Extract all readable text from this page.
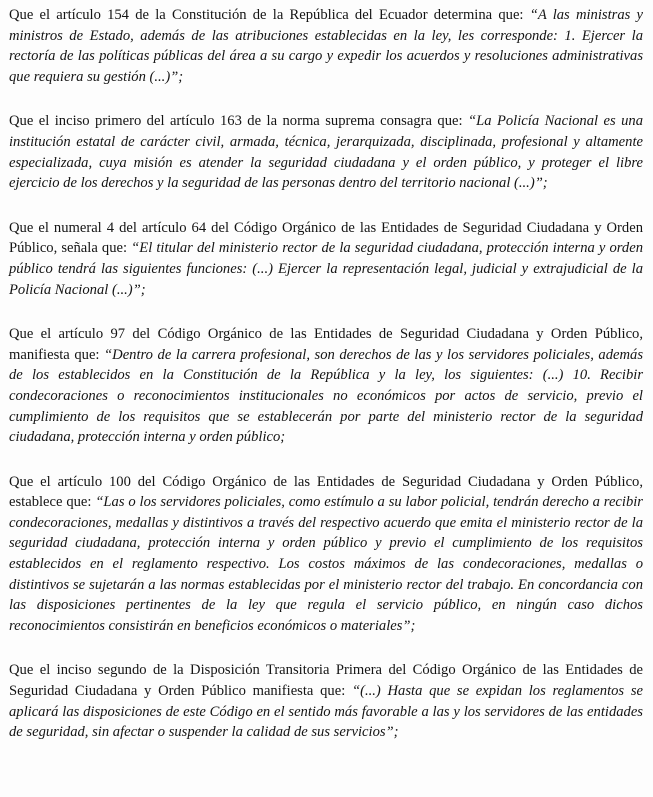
Que el artículo 154 de la Constitución de la República del Ecuador determina que: “A las ministras y ministros de Estado, además de las atribuciones establecidas en la ley, les corresponde: 1. Ejercer la rectoría de las políticas públicas del área a su cargo y expedir los acuerdos y resoluciones administrativas que requiera su gestión (...)”;

Que el inciso primero del artículo 163 de la norma suprema consagra que: “La Policía Nacional es una institución estatal de carácter civil, armada, técnica, jerarquizada, disciplinada, profesional y altamente especializada, cuya misión es atender la seguridad ciudadana y el orden público, y proteger el libre ejercicio de los derechos y la seguridad de las personas dentro del territorio nacional (...)”;

Que el numeral 4 del artículo 64 del Código Orgánico de las Entidades de Seguridad Ciudadana y Orden Público, señala que: “El titular del ministerio rector de la seguridad ciudadana, protección interna y orden público tendrá las siguientes funciones: (...) Ejercer la representación legal, judicial y extrajudicial de la Policía Nacional (...)”;

Que el artículo 97 del Código Orgánico de las Entidades de Seguridad Ciudadana y Orden Público, manifiesta que: “Dentro de la carrera profesional, son derechos de las y los servidores policiales, además de los establecidos en la Constitución de la República y la ley, los siguientes: (...) 10. Recibir condecoraciones o reconocimientos institucionales no económicos por actos de servicio, previo el cumplimiento de los requisitos que se establecerán por parte del ministerio rector de la seguridad ciudadana, protección interna y orden público;

Que el artículo 100 del Código Orgánico de las Entidades de Seguridad Ciudadana y Orden Público, establece que: “Las o los servidores policiales, como estímulo a su labor policial, tendrán derecho a recibir condecoraciones, medallas y distintivos a través del respectivo acuerdo que emita el ministerio rector de la seguridad ciudadana, protección interna y orden público y previo el cumplimiento de los requisitos establecidos en el reglamento respectivo. Los costos máximos de las condecoraciones, medallas o distintivos se sujetarán a las normas establecidas por el ministerio rector del trabajo. En concordancia con las disposiciones pertinentes de la ley que regula el servicio público, en ningún caso dichos reconocimientos consistirán en beneficios económicos o materiales”;

Que el inciso segundo de la Disposición Transitoria Primera del Código Orgánico de las Entidades de Seguridad Ciudadana y Orden Público manifiesta que: “(...) Hasta que se expidan los reglamentos se aplicará las disposiciones de este Código en el sentido más favorable a las y los servidores de las entidades de seguridad, sin afectar o suspender la calidad de sus servicios”;
